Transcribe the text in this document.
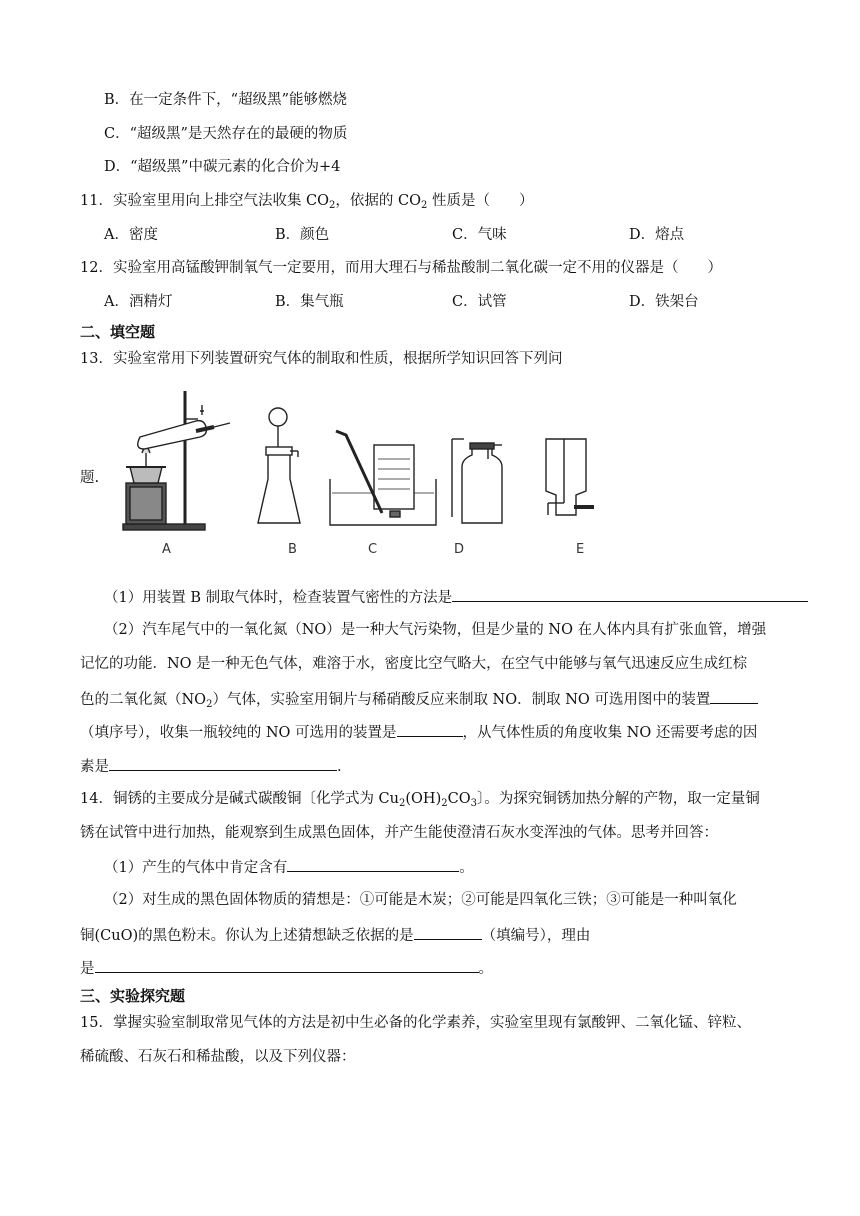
B．在一定条件下，“超级黑”能够燃烧
C．“超级黑”是天然存在的最硬的物质
D．“超级黑”中碳元素的化合价为+4
11．实验室里用向上排空气法收集 $CO_2$，依据的 $CO_2$ 性质是（　　）
A．密度	B．颜色	C．气味	D．熔点
12．实验室用高锰酸钾制氧气一定要用，而用大理石与稀盐酸制二氧化碳一定不用的仪器是（　　）
A．酒精灯	B．集气瓶	C．试管	D．铁架台
二、填空题
13．实验室常用下列装置研究气体的制取和性质，根据所学知识回答下列问
题.
A	B	C	D	E
（1）用装置 B 制取气体时，检查装置气密性的方法是
（2）汽车尾气中的一氧化氮（NO）是一种大气污染物，但是少量的 NO 在人体内具有扩张血管，增强
记忆的功能．NO 是一种无色气体，难溶于水，密度比空气略大，在空气中能够与氧气迅速反应生成红棕
色的二氧化氮$(NO_2)$气体，实验室用铜片与稀硝酸反应来制取 NO．制取 NO 可选用图中的装置
（填序号），收集一瓶较纯的 NO 可选用的装置是	，从气体性质的角度收集 NO 还需要考虑的因
素是	.
14．铜锈的主要成分是碱式碳酸铜〔化学式为 $Cu_2(OH)_2CO_3$〕。为探究铜锈加热分解的产物，取一定量铜
锈在试管中进行加热，能观察到生成黑色固体，并产生能使澄清石灰水变浑浊的气体。思考并回答：
（1）产生的气体中肯定含有	。
（2）对生成的黑色固体物质的猜想是：①可能是木炭；②可能是四氧化三铁；③可能是一种叫氧化
铜(CuO)的黑色粉末。你认为上述猜想缺乏依据的是	（填编号），理由
是	。
三、实验探究题
15．掌握实验室制取常见气体的方法是初中生必备的化学素养，实验室里现有氯酸钾、二氧化锰、锌粒、
稀硫酸、石灰石和稀盐酸，以及下列仪器：
